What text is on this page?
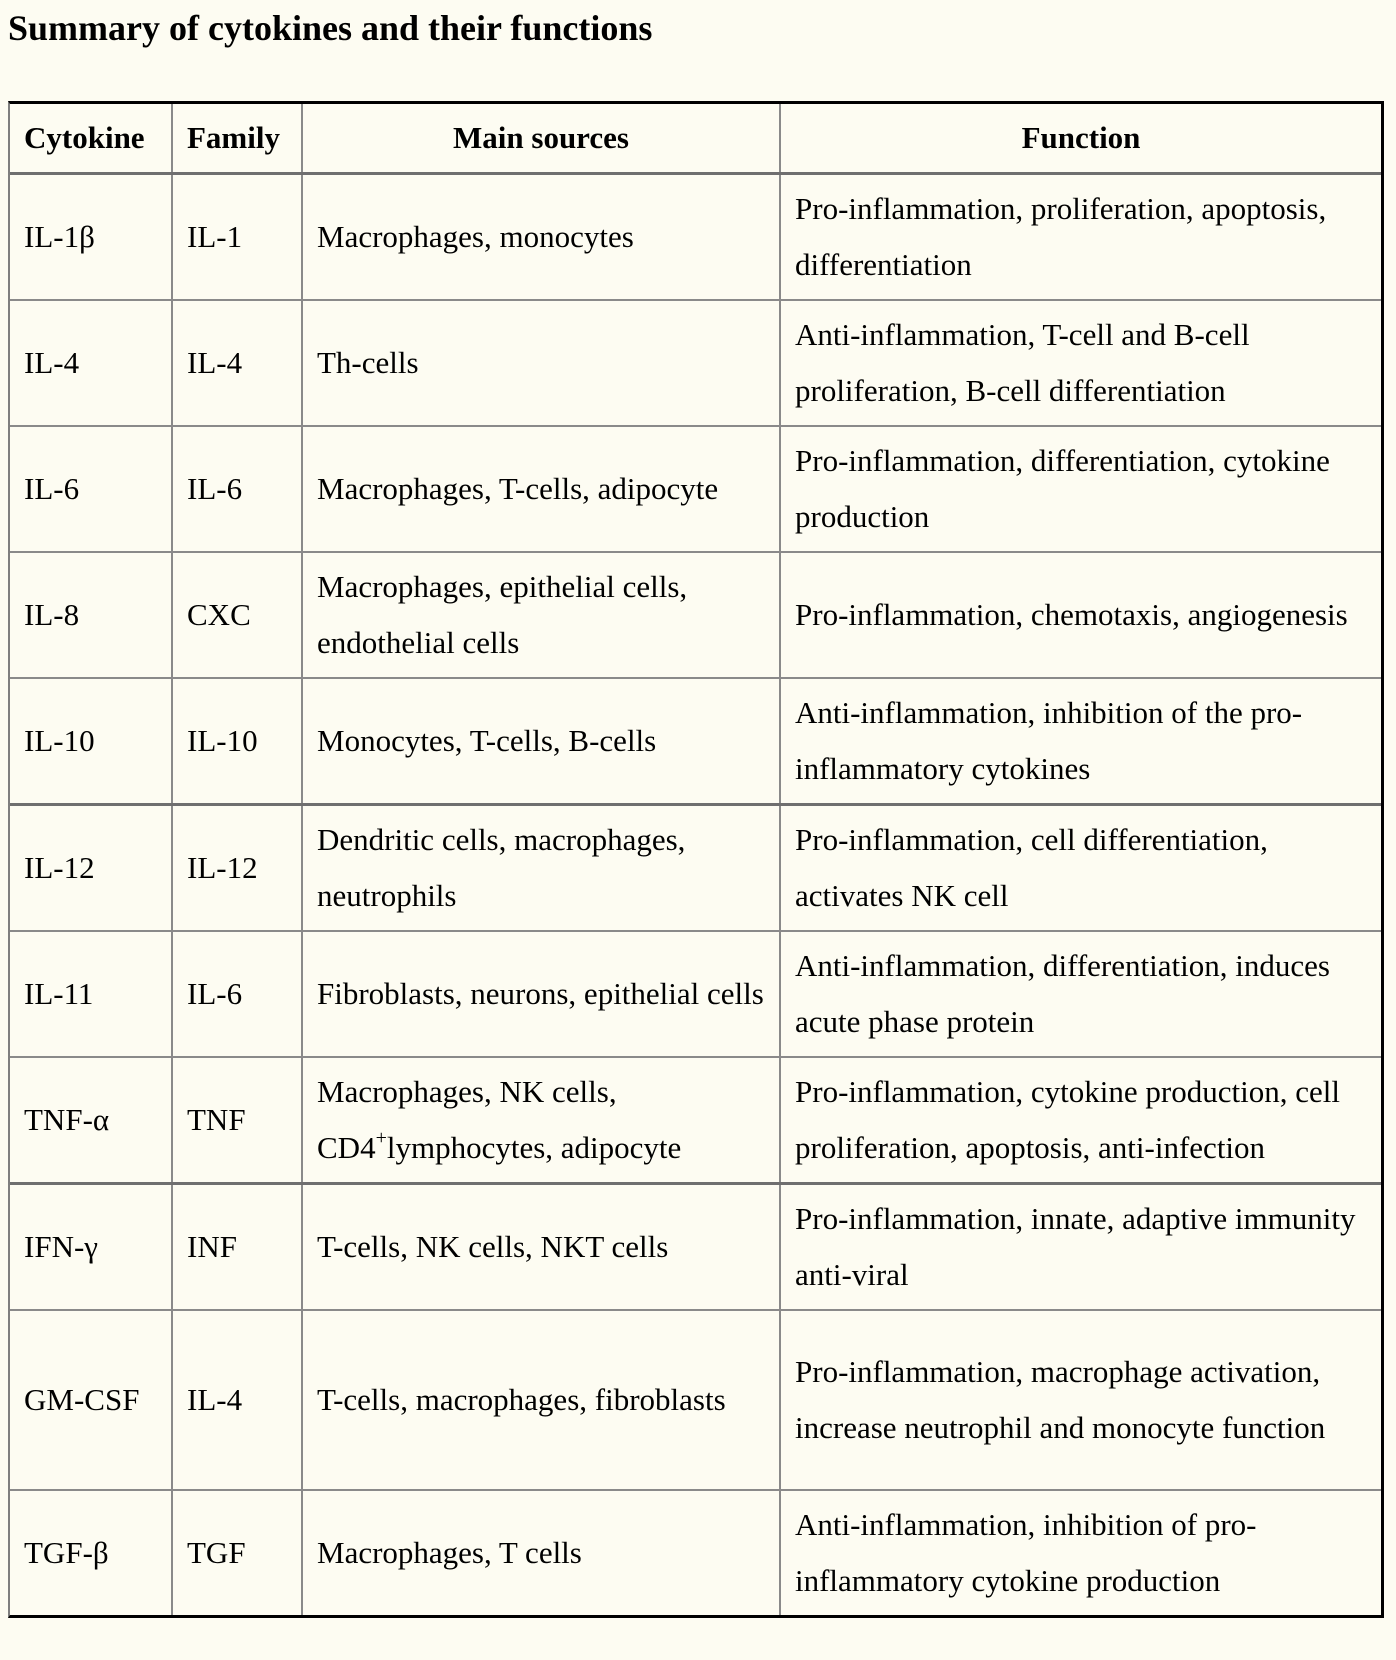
Summary of cytokines and their functions
Cytokine	Family	Main sources	Function
IL-1β	IL-1	Macrophages, monocytes	Pro-inflammation, proliferation, apoptosis, differentiation
IL-4	IL-4	Th-cells	Anti-inflammation, T-cell and B-cell proliferation, B-cell differentiation
IL-6	IL-6	Macrophages, T-cells, adipocyte	Pro-inflammation, differentiation, cytokine production
IL-8	CXC	Macrophages, epithelial cells, endothelial cells	Pro-inflammation, chemotaxis, angiogenesis
IL-10	IL-10	Monocytes, T-cells, B-cells	Anti-inflammation, inhibition of the pro-inflammatory cytokines
IL-12	IL-12	Dendritic cells, macrophages, neutrophils	Pro-inflammation, cell differentiation, activates NK cell
IL-11	IL-6	Fibroblasts, neurons, epithelial cells	Anti-inflammation, differentiation, induces acute phase protein
TNF-α	TNF	Macrophages, NK cells, CD4+lymphocytes, adipocyte	Pro-inflammation, cytokine production, cell proliferation, apoptosis, anti-infection
IFN-γ	INF	T-cells, NK cells, NKT cells	Pro-inflammation, innate, adaptive immunity anti-viral
GM-CSF	IL-4	T-cells, macrophages, fibroblasts	Pro-inflammation, macrophage activation, increase neutrophil and monocyte function
TGF-β	TGF	Macrophages, T cells	Anti-inflammation, inhibition of pro-inflammatory cytokine production
